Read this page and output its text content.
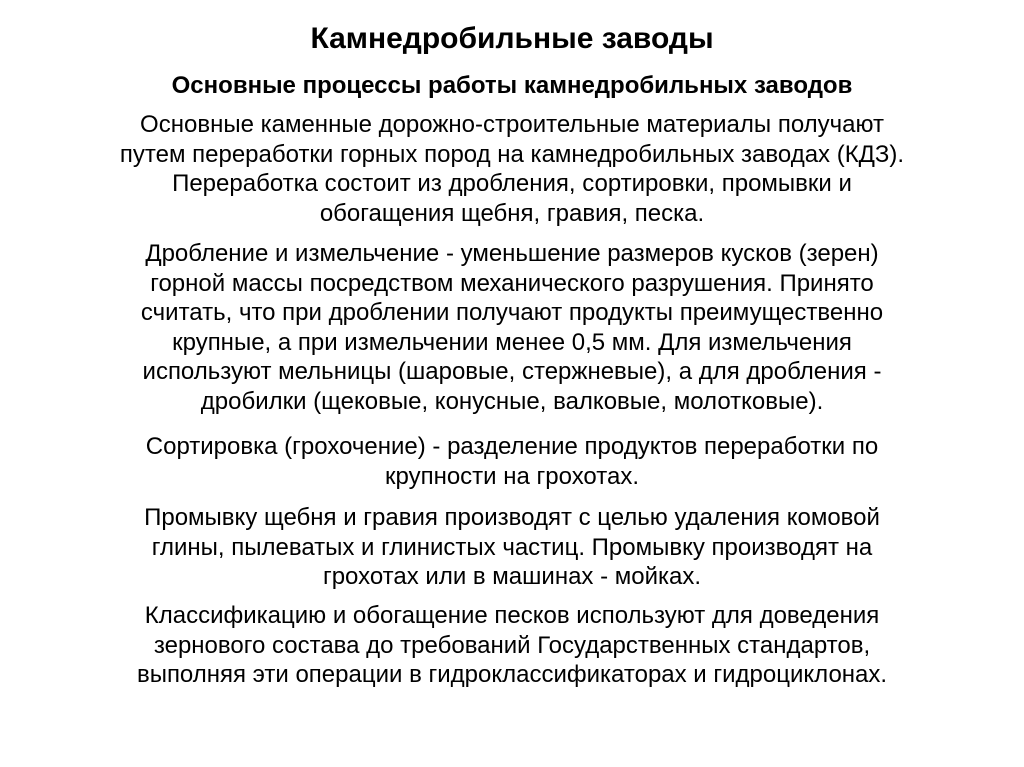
Камнедробильные заводы
Основные процессы работы камнедробильных заводов
Основные каменные дорожно-строительные материалы получают
путем переработки горных пород на камнедробильных заводах (КДЗ).
Переработка состоит из дробления, сортировки, промывки и
обогащения щебня, гравия, песка.
Дробление и измельчение - уменьшение размеров кусков (зерен)
горной массы посредством механического разрушения. Принято
считать, что при дроблении получают продукты преимущественно
крупные, а при измельчении менее 0,5 мм. Для измельчения
используют мельницы (шаровые, стержневые), а для дробления -
дробилки (щековые, конусные, валковые, молотковые).
Сортировка (грохочение) - разделение продуктов переработки по
крупности на грохотах.
Промывку щебня и гравия производят с целью удаления комовой
глины, пылеватых и глинистых частиц. Промывку производят на
грохотах или в машинах - мойках.
Классификацию и обогащение песков используют для доведения
зернового состава до требований Государственных стандартов,
выполняя эти операции в гидроклассификаторах и гидроциклонах.
